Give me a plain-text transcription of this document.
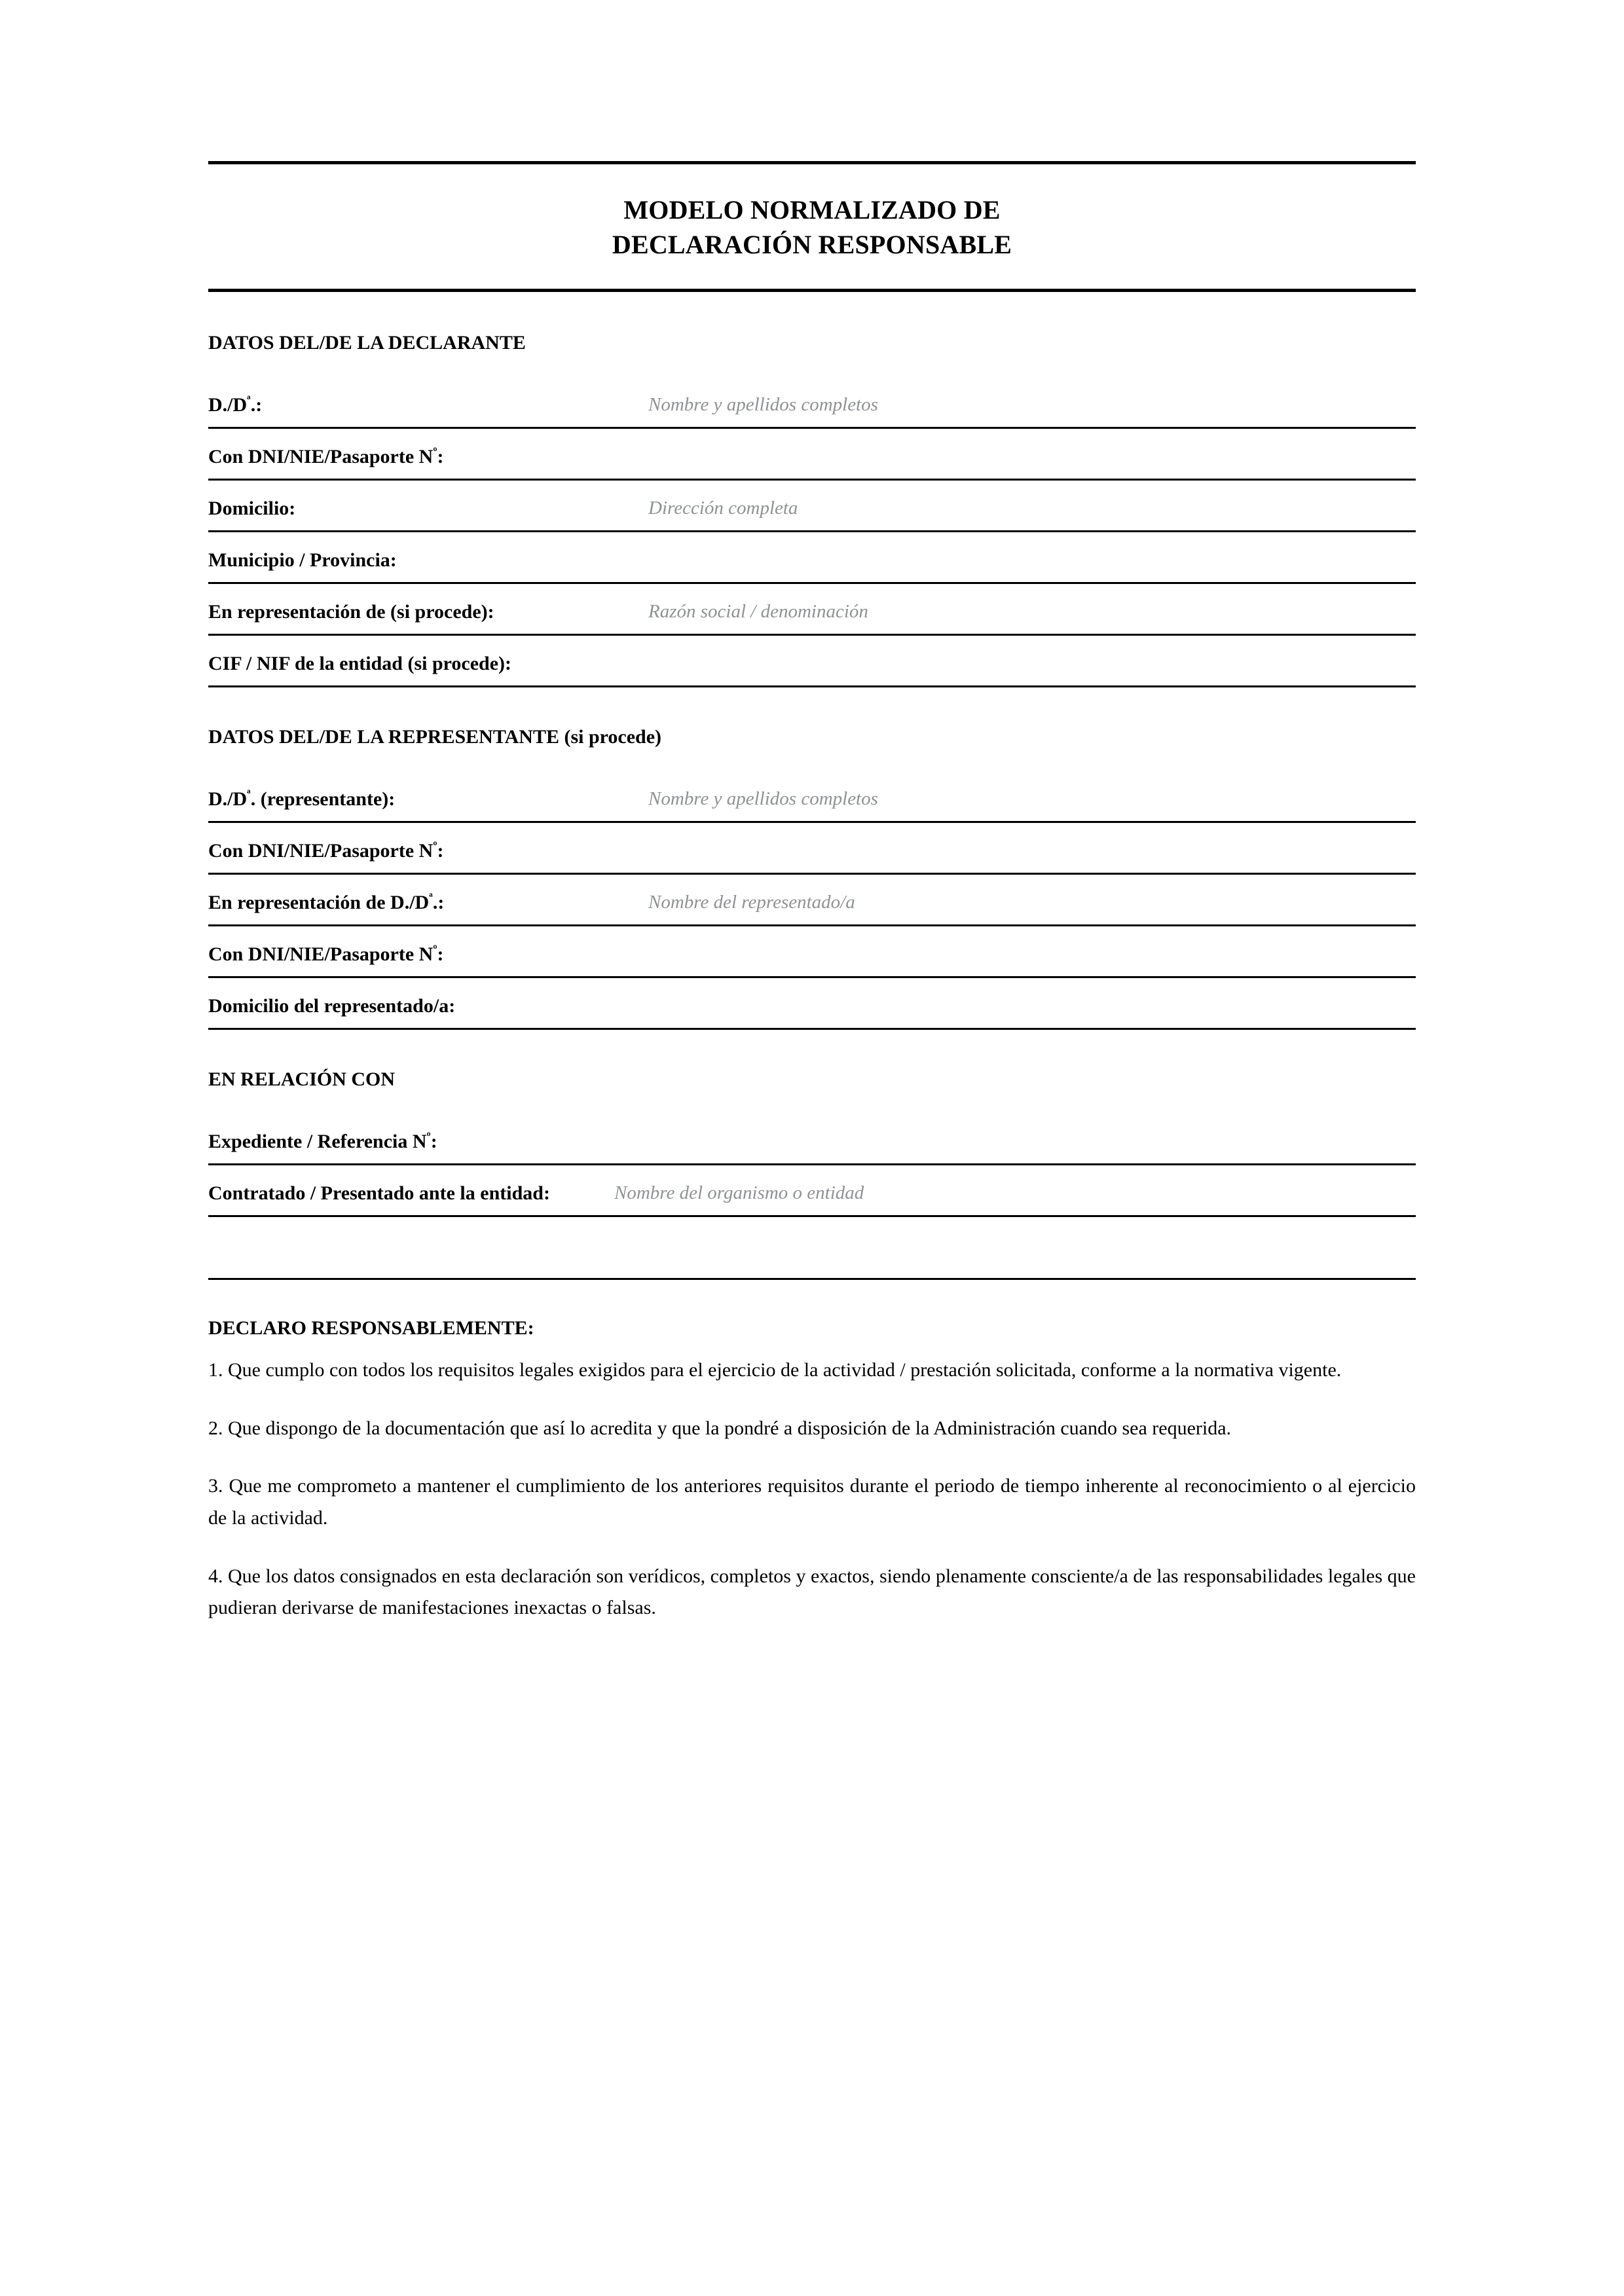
MODELO NORMALIZADO DE
DECLARACIÓN RESPONSABLE
DATOS DEL/DE LA DECLARANTE
$D./D^ª$.:	Nombre y apellidos completos
Con DNI/NIE/Pasaporte $N^º$:
Domicilio:	Dirección completa
Municipio / Provincia:
En representación de (si procede):	Razón social / denominación
CIF / NIF de la entidad (si procede):
DATOS DEL/DE LA REPRESENTANTE (si procede)
$D./D^ª$. (representante):	Nombre y apellidos completos
Con DNI/NIE/Pasaporte $N^º$:
En representación de $D./D^ª$.:	Nombre del representado/a
Con DNI/NIE/Pasaporte $N^º$:
Domicilio del representado/a:
EN RELACIÓN CON
Expediente / Referencia $N^º$:
Contratado / Presentado ante la entidad:	Nombre del organismo o entidad
DECLARO RESPONSABLEMENTE:

1. Que cumplo con todos los requisitos legales exigidos para el ejercicio de la actividad / prestación solicitada, conforme a la normativa vigente.

2. Que dispongo de la documentación que así lo acredita y que la pondré a disposición de la Administración cuando sea requerida.

3. Que me comprometo a mantener el cumplimiento de los anteriores requisitos durante el periodo de tiempo inherente al reconocimiento o al ejercicio de la actividad.

4. Que los datos consignados en esta declaración son verídicos, completos y exactos, siendo plenamente consciente/a de las responsabilidades legales que pudieran derivarse de manifestaciones inexactas o falsas.
